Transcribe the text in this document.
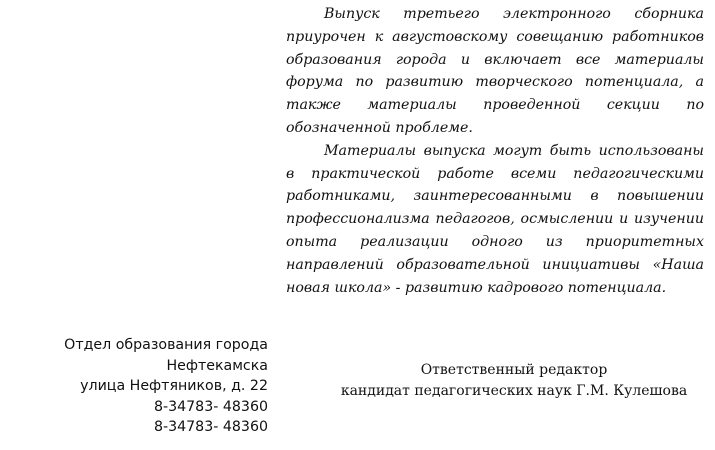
Выпуск третьего электронного сборника приурочен к августовскому совещанию работников образования города и включает все материалы форума по развитию творческого потенциала, а также материалы проведенной секции по обозначенной проблеме.

Материалы выпуска могут быть использованы в практической работе всеми педагогическими работниками, заинтересованными в повышении профессионализма педагогов, осмыслении и изучении опыта реализации одного из приоритетных направлений образовательной инициативы «Наша новая школа» - развитию кадрового потенциала.

Отдел образования города
Нефтекамска
улица Нефтяников, д. 22
8-34783- 48360
8-34783- 48360
Ответственный редактор
кандидат педагогических наук Г.М. Кулешова
